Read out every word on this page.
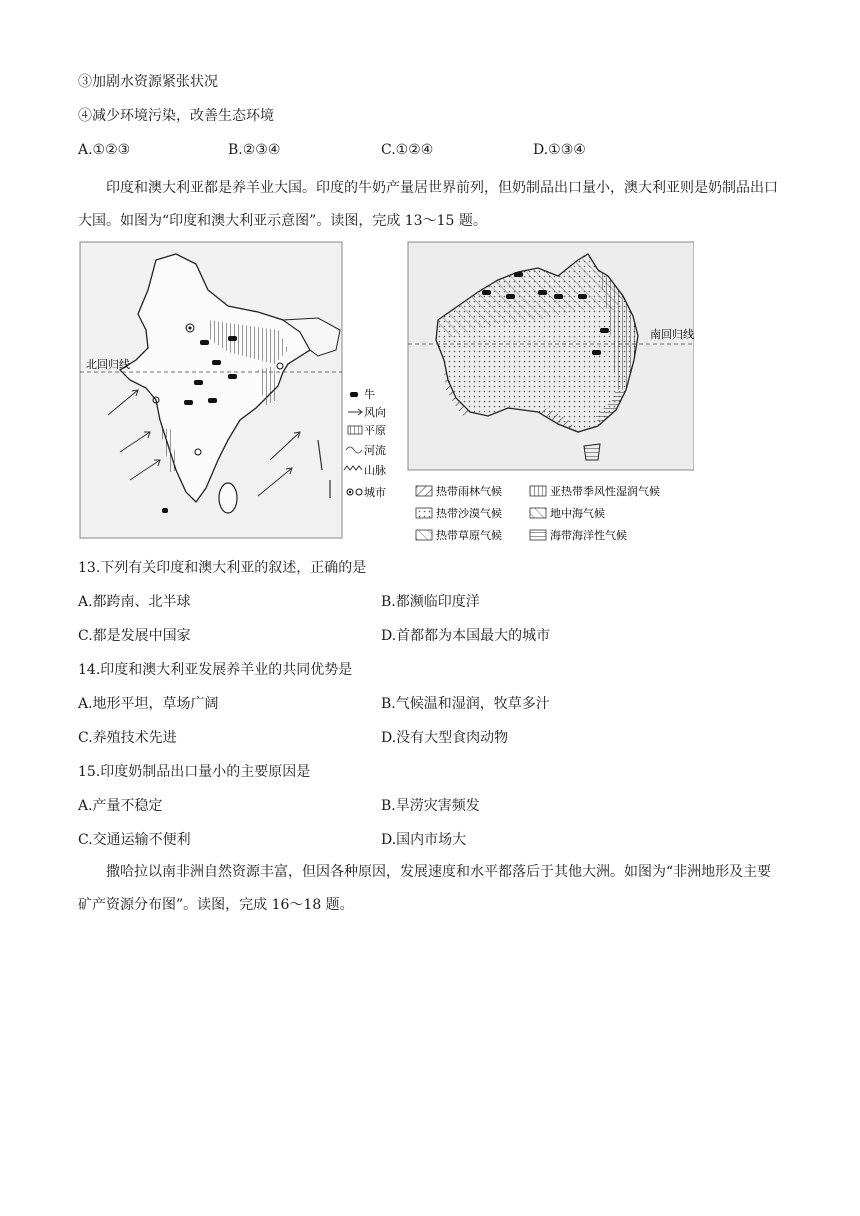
③加剧水资源紧张状况
④减少环境污染，改善生态环境
A.①②③	B.②③④	C.①②④	D.①③④
印度和澳大利亚都是养羊业大国。印度的牛奶产量居世界前列，但奶制品出口量小，澳大利亚则是奶制品出口大国。如图为“印度和澳大利亚示意图”。读图，完成 13～15 题。
北回归线
牛
风向
平原
河流
山脉
城市
南回归线
热带雨林气候	亚热带季风性湿润气候
热带沙漠气候	地中海气候
热带草原气候	海带海洋性气候
13.下列有关印度和澳大利亚的叙述，正确的是
A.都跨南、北半球	B.都濒临印度洋
C.都是发展中国家	D.首都都为本国最大的城市
14.印度和澳大利亚发展养羊业的共同优势是
A.地形平坦，草场广阔	B.气候温和湿润，牧草多汁
C.养殖技术先进	D.没有大型食肉动物
15.印度奶制品出口量小的主要原因是
A.产量不稳定	B.旱涝灾害频发
C.交通运输不便利	D.国内市场大
撒哈拉以南非洲自然资源丰富，但因各种原因，发展速度和水平都落后于其他大洲。如图为“非洲地形及主要矿产资源分布图”。读图，完成 16～18 题。
